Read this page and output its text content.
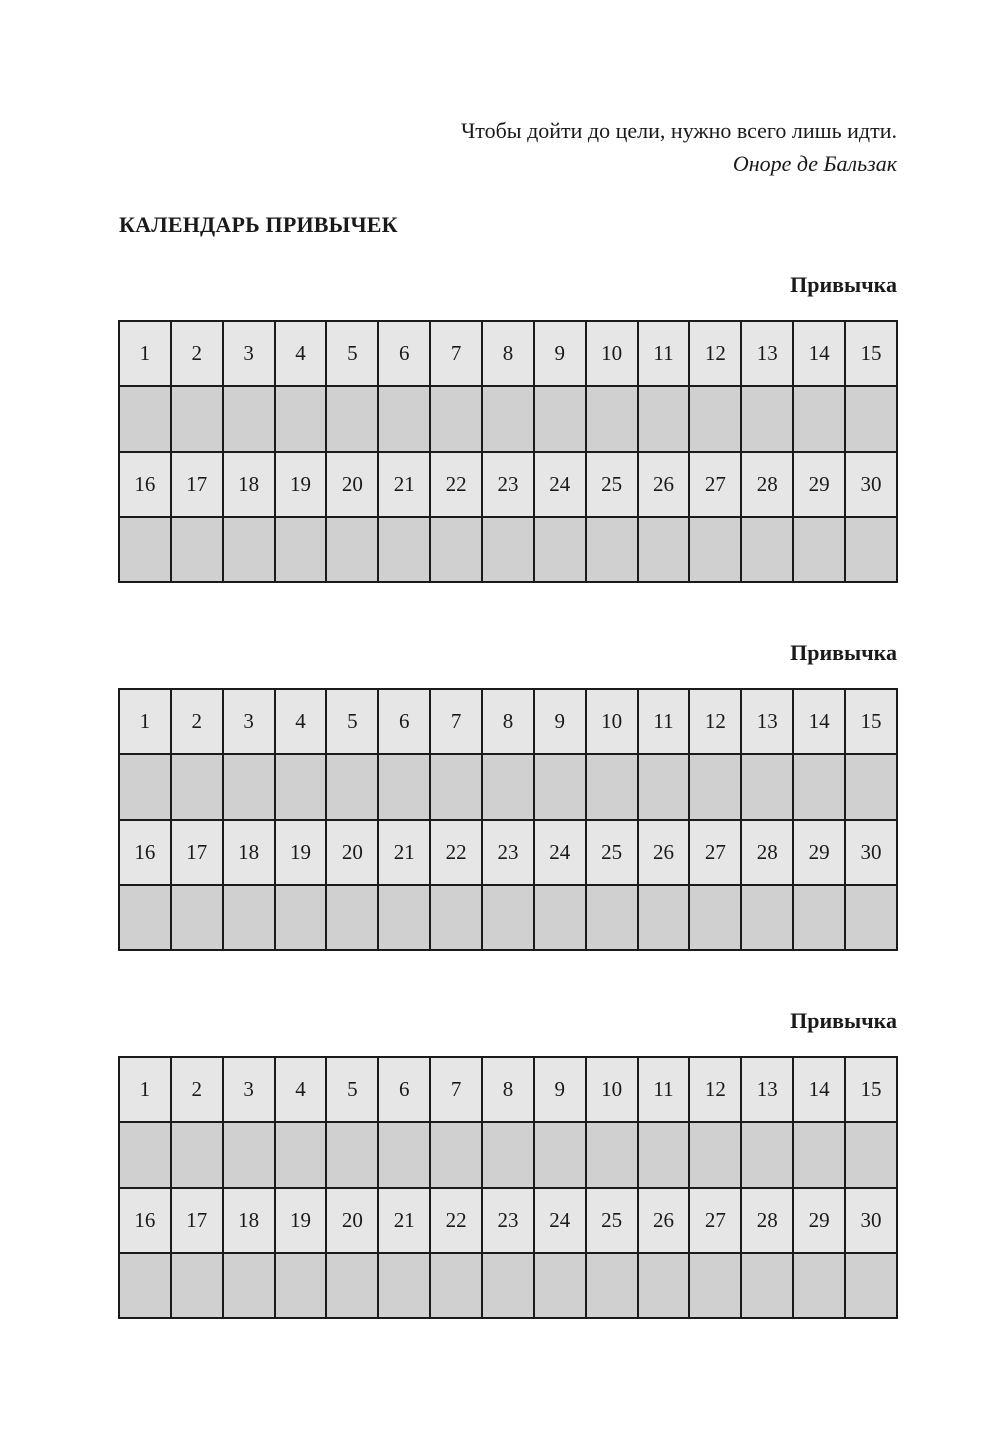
Чтобы дойти до цели, нужно всего лишь идти.
Оноре де Бальзак
КАЛЕНДАРЬ ПРИВЫЧЕК
Привычка
1	2	3	4	5	6	7	8	9	10	11	12	13	14	15

16	17	18	19	20	21	22	23	24	25	26	27	28	29	30

Привычка
1	2	3	4	5	6	7	8	9	10	11	12	13	14	15

16	17	18	19	20	21	22	23	24	25	26	27	28	29	30

Привычка
1	2	3	4	5	6	7	8	9	10	11	12	13	14	15

16	17	18	19	20	21	22	23	24	25	26	27	28	29	30
